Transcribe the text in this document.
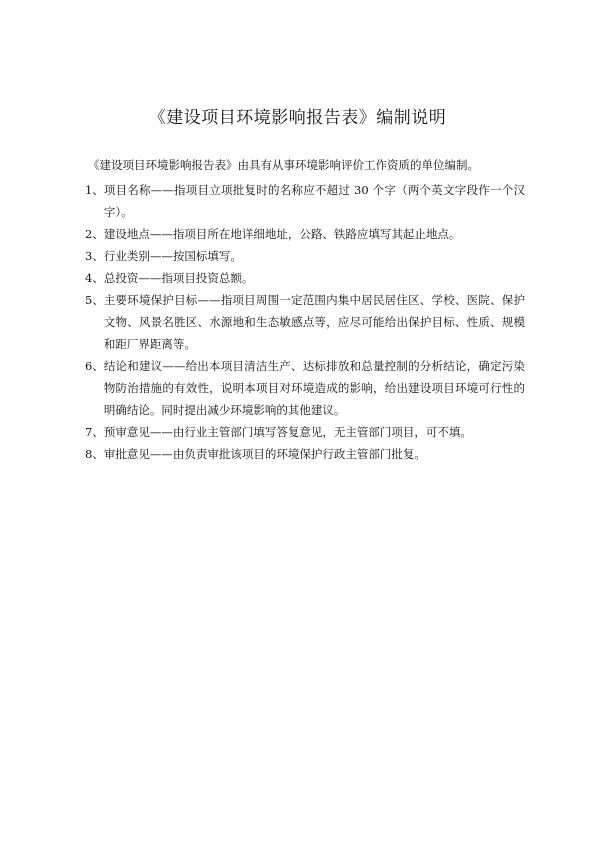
《建设项目环境影响报告表》编制说明
《建设项目环境影响报告表》由具有从事环境影响评价工作资质的单位编制。
1、 项目名称——指项目立项批复时的名称应不超过 30 个字（两个英文字段作一个汉字）。
2、 建设地点——指项目所在地详细地址，公路、铁路应填写其起止地点。
3、 行业类别——按国标填写。
4、 总投资——指项目投资总额。
5、 主要环境保护目标——指项目周围一定范围内集中居民居住区、学校、医院、保护文物、风景名胜区、水源地和生态敏感点等，应尽可能给出保护目标、性质、规模和距厂界距离等。
6、 结论和建议——给出本项目清洁生产、达标排放和总量控制的分析结论，确定污染物防治措施的有效性，说明本项目对环境造成的影响，给出建设项目环境可行性的明确结论。同时提出减少环境影响的其他建议。
7、 预审意见——由行业主管部门填写答复意见，无主管部门项目，可不填。
8、 审批意见——由负责审批该项目的环境保护行政主管部门批复。
